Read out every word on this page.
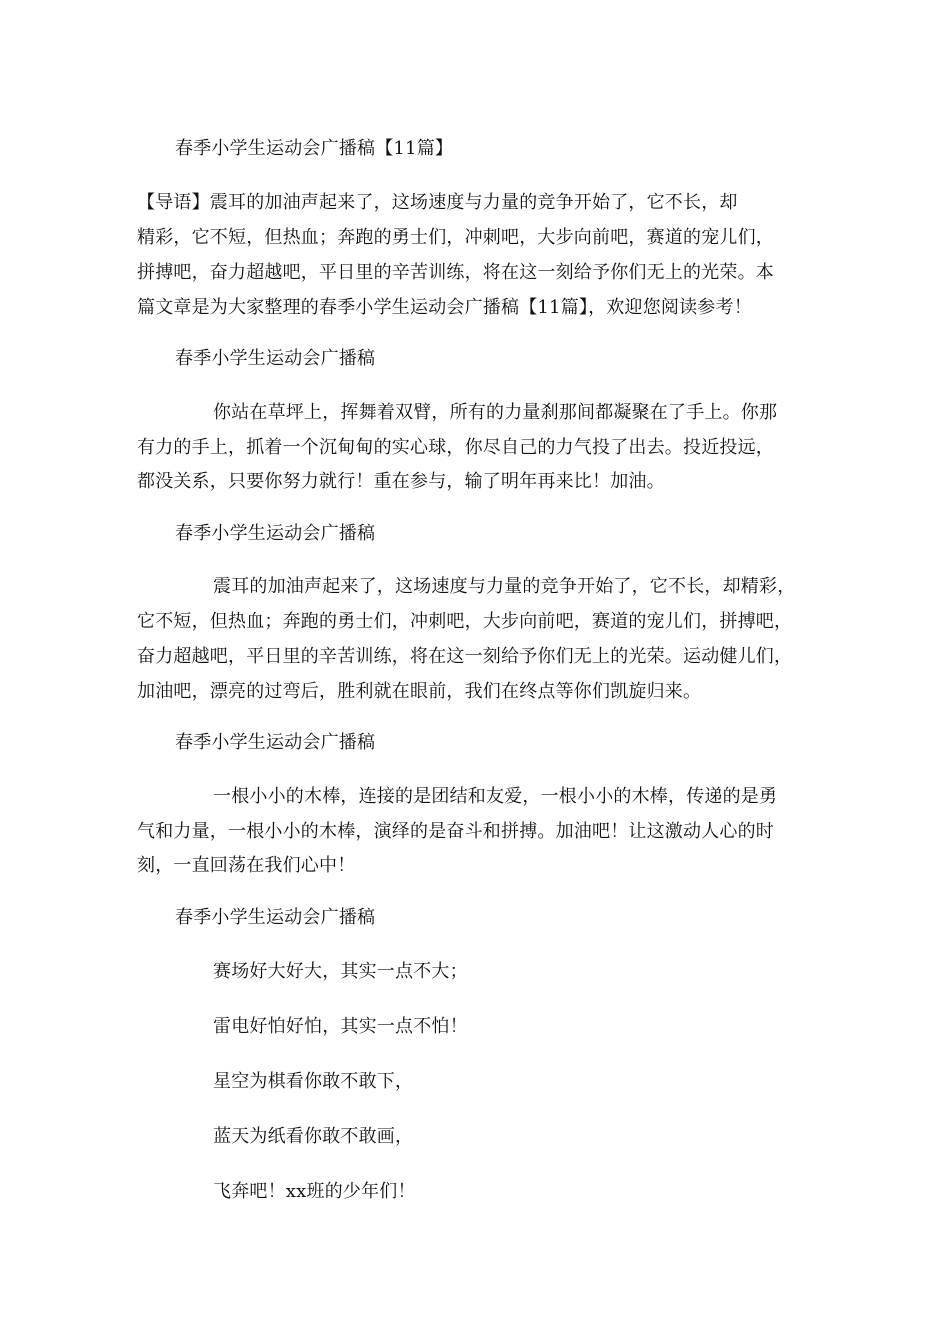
春季小学生运动会广播稿【11篇】
【导语】震耳的加油声起来了，这场速度与力量的竞争开始了，它不长，却
精彩，它不短，但热血；奔跑的勇士们，冲刺吧，大步向前吧，赛道的宠儿们，
拼搏吧，奋力超越吧，平日里的辛苦训练，将在这一刻给予你们无上的光荣。本
篇文章是为大家整理的春季小学生运动会广播稿【11篇】，欢迎您阅读参考！
春季小学生运动会广播稿
你站在草坪上，挥舞着双臂，所有的力量刹那间都凝聚在了手上。你那
有力的手上，抓着一个沉甸甸的实心球，你尽自己的力气投了出去。投近投远，
都没关系，只要你努力就行！重在参与，输了明年再来比！加油。
春季小学生运动会广播稿
震耳的加油声起来了，这场速度与力量的竞争开始了，它不长，却精彩，
它不短，但热血；奔跑的勇士们，冲刺吧，大步向前吧，赛道的宠儿们，拼搏吧，
奋力超越吧，平日里的辛苦训练，将在这一刻给予你们无上的光荣。运动健儿们，
加油吧，漂亮的过弯后，胜利就在眼前，我们在终点等你们凯旋归来。
春季小学生运动会广播稿
一根小小的木棒，连接的是团结和友爱，一根小小的木棒，传递的是勇
气和力量，一根小小的木棒，演绎的是奋斗和拼搏。加油吧！让这激动人心的时
刻，一直回荡在我们心中！
春季小学生运动会广播稿
赛场好大好大，其实一点不大；
雷电好怕好怕，其实一点不怕！
星空为棋看你敢不敢下，
蓝天为纸看你敢不敢画，
飞奔吧！xx班的少年们！
